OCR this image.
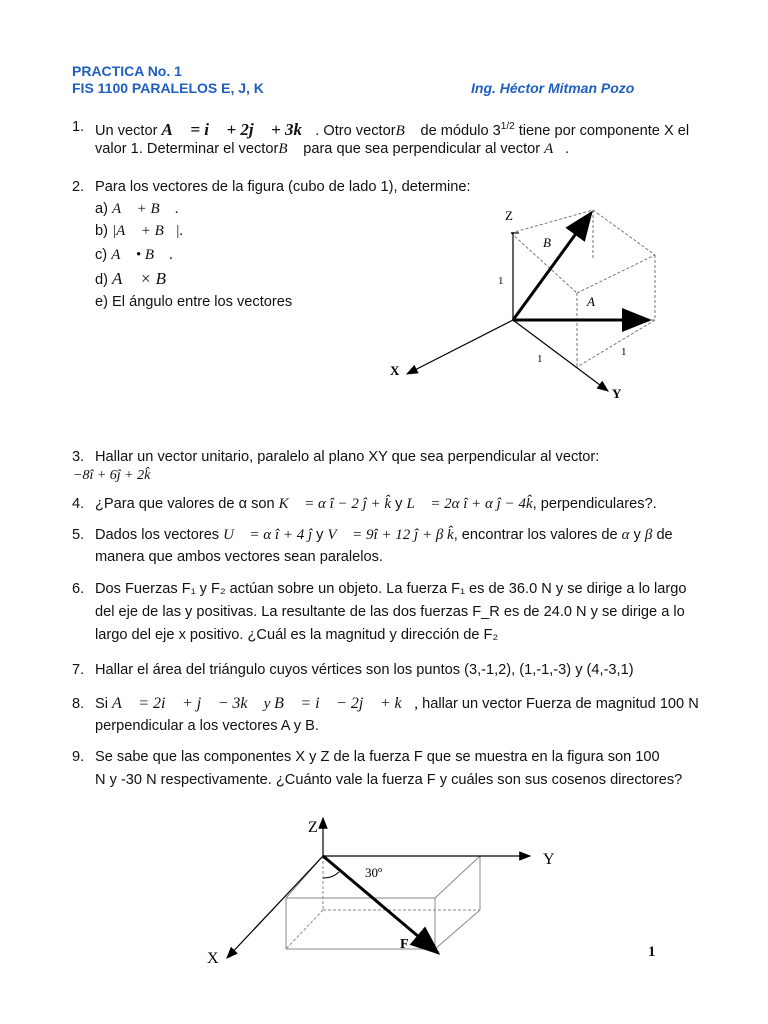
PRACTICA No. 1
FIS 1100 PARALELOS E, J, K	Ing. Héctor Mitman Pozo
1. Un vector A⃗ = i⃗ + 2j⃗ + 3k⃗. Otro vectorB⃗ de módulo $3^{1/2}$ tiene por componente X el
valor 1. Determinar el vectorB⃗ para que sea perpendicular al vector A⃗.
2. Para los vectores de la figura (cubo de lado 1), determine:
a) A⃗ + B⃗ .
b) |A⃗ + B⃗|.
c) A⃗ • B⃗ .
d) A⃗ × B⃗
e) El ángulo entre los vectores
Z
X
Y
B⃗
A⃗
1
1
1
3. Hallar un vector unitario, paralelo al plano XY que sea perpendicular al vector:
−8î + 6ĵ + 2k̂
4. ¿Para que valores de α son K⃗ = α î − 2 ĵ + k̂ y L⃗ = 2α î + α ĵ − 4k̂, perpendiculares?.
5. Dados los vectores U⃗ = α î + 4 ĵ y V⃗ = 9î + 12 ĵ + β k̂, encontrar los valores de α y β de
manera que ambos vectores sean paralelos.
6. Dos Fuerzas F₁ y F₂ actúan sobre un objeto. La fuerza F₁ es de 36.0 N y se dirige a lo largo
del eje de las y positivas. La resultante de las dos fuerzas F_R es de 24.0 N y se dirige a lo
largo del eje x positivo. ¿Cuál es la magnitud y dirección de F₂
7. Hallar el área del triángulo cuyos vértices son los puntos (3,-1,2), (1,-1,-3) y (4,-3,1)
8. Si A⃗ = 2i⃗ + j⃗ − 3k⃗ y B⃗ = i⃗ − 2j⃗ + k⃗, hallar un vector Fuerza de magnitud 100 N
perpendicular a los vectores A y B.
9. Se sabe que las componentes X y Z de la fuerza F que se muestra en la figura son 100
N y -30 N respectivamente. ¿Cuánto vale la fuerza F y cuáles son sus cosenos directores?
Z
Y
X
30º
F	1
